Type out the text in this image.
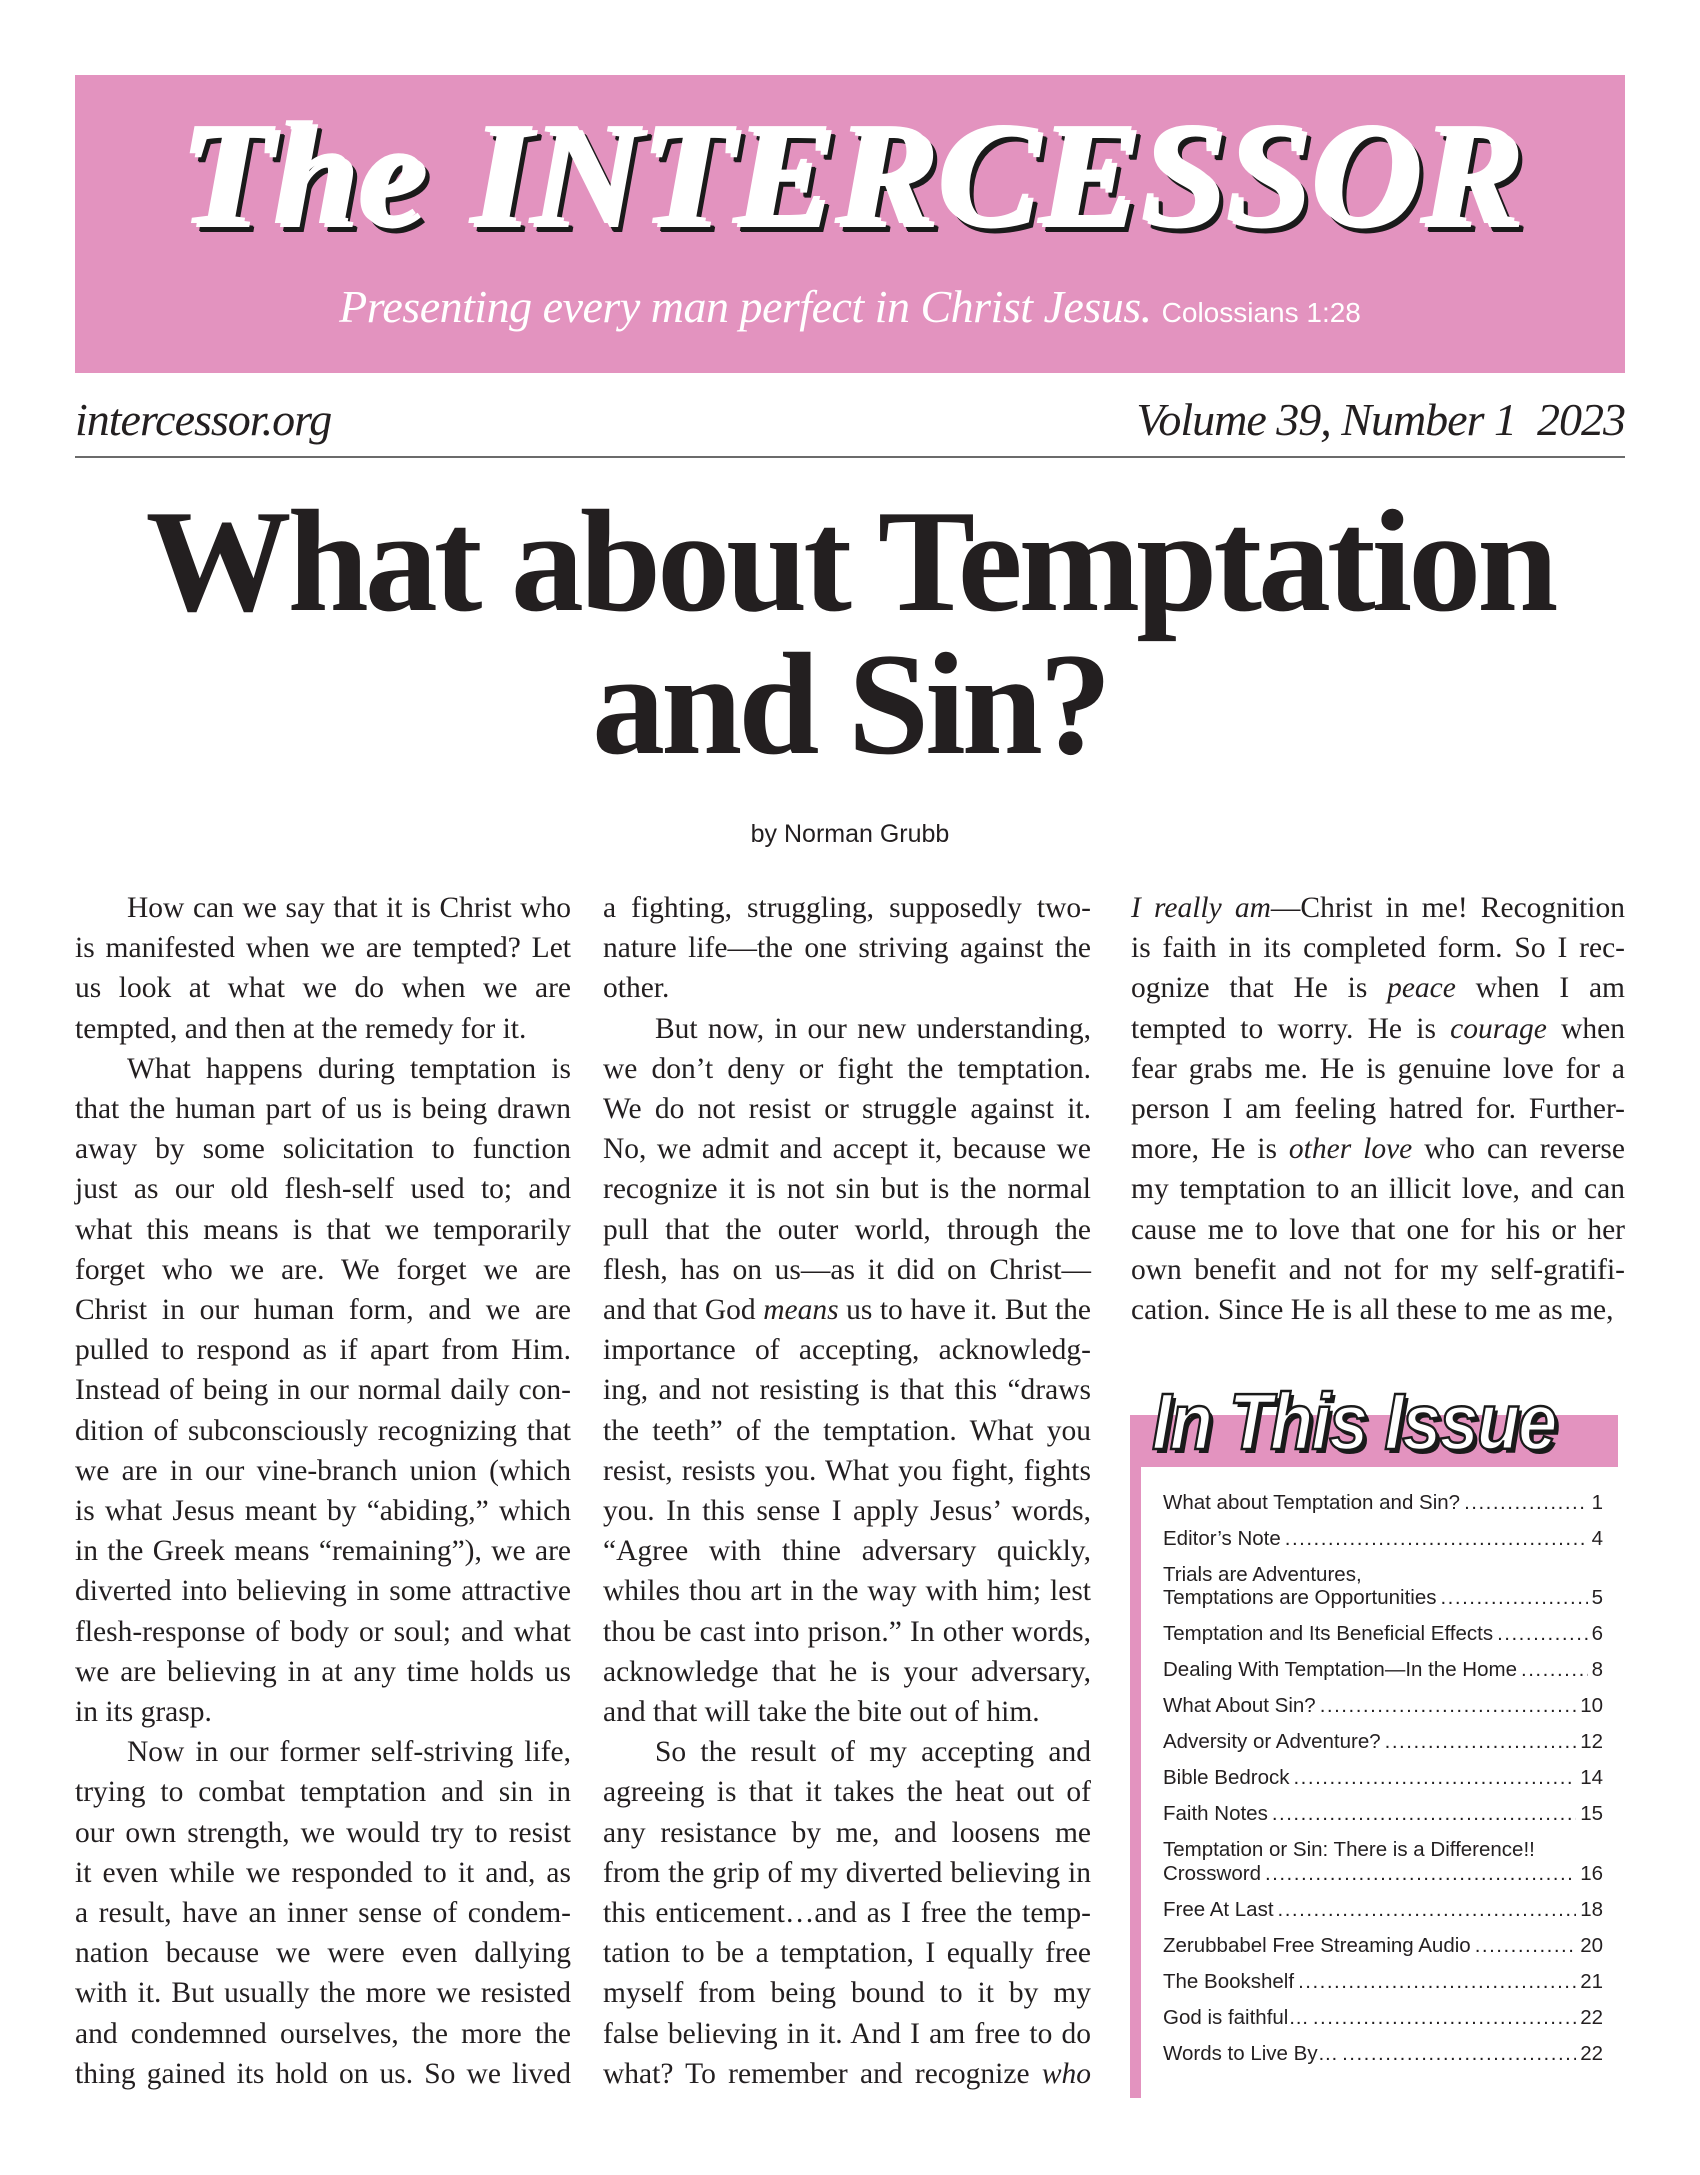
The INTERCESSOR
Presenting every man perfect in Christ Jesus. Colossians 1:28
intercessor.org	Volume 39, Number 1  2023
What about Temptation
and Sin?
by Norman Grubb
How can we say that it is Christ who
is manifested when we are tempted? Let
us look at what we do when we are
tempted, and then at the remedy for it.
What happens during temptation is
that the human part of us is being drawn
away by some solicitation to function
just as our old flesh-self used to; and
what this means is that we temporarily
forget who we are. We forget we are
Christ in our human form, and we are
pulled to respond as if apart from Him.
Instead of being in our normal daily con-
dition of subconsciously recognizing that
we are in our vine-branch union (which
is what Jesus meant by “abiding,” which
in the Greek means “remaining”), we are
diverted into believing in some attractive
flesh-response of body or soul; and what
we are believing in at any time holds us
in its grasp.
Now in our former self-striving life,
trying to combat temptation and sin in
our own strength, we would try to resist
it even while we responded to it and, as
a result, have an inner sense of condem-
nation because we were even dallying
with it. But usually the more we resisted
and condemned ourselves, the more the
thing gained its hold on us. So we lived
a fighting, struggling, supposedly two-
nature life—the one striving against the
other.
But now, in our new understanding,
we don’t deny or fight the temptation.
We do not resist or struggle against it.
No, we admit and accept it, because we
recognize it is not sin but is the normal
pull that the outer world, through the
flesh, has on us—as it did on Christ—
and that God means us to have it. But the
importance of accepting, acknowledg-
ing, and not resisting is that this “draws
the teeth” of the temptation. What you
resist, resists you. What you fight, fights
you. In this sense I apply Jesus’ words,
“Agree with thine adversary quickly,
whiles thou art in the way with him; lest
thou be cast into prison.” In other words,
acknowledge that he is your adversary,
and that will take the bite out of him.
So the result of my accepting and
agreeing is that it takes the heat out of
any resistance by me, and loosens me
from the grip of my diverted believing in
this enticement…and as I free the temp-
tation to be a temptation, I equally free
myself from being bound to it by my
false believing in it. And I am free to do
what? To remember and recognize who
I really am—Christ in me! Recognition
is faith in its completed form. So I rec-
ognize that He is peace when I am
tempted to worry. He is courage when
fear grabs me. He is genuine love for a
person I am feeling hatred for. Further-
more, He is other love who can reverse
my temptation to an illicit love, and can
cause me to love that one for his or her
own benefit and not for my self-gratifi-
cation. Since He is all these to me as me,
In This Issue
What about Temptation and Sin? .....	1
Editor’s Note .....	4
Trials are Adventures,
Temptations are Opportunities .....	5
Temptation and Its Beneficial Effects .....	6
Dealing With Temptation—In the Home .....	8
What About Sin? .....	10
Adversity or Adventure? .....	12
Bible Bedrock .....	14
Faith Notes .....	15
Temptation or Sin: There is a Difference!!
Crossword .....	16
Free At Last .....	18
Zerubbabel Free Streaming Audio .....	20
The Bookshelf .....	21
God is faithful… .....	22
Words to Live By… .....	22
